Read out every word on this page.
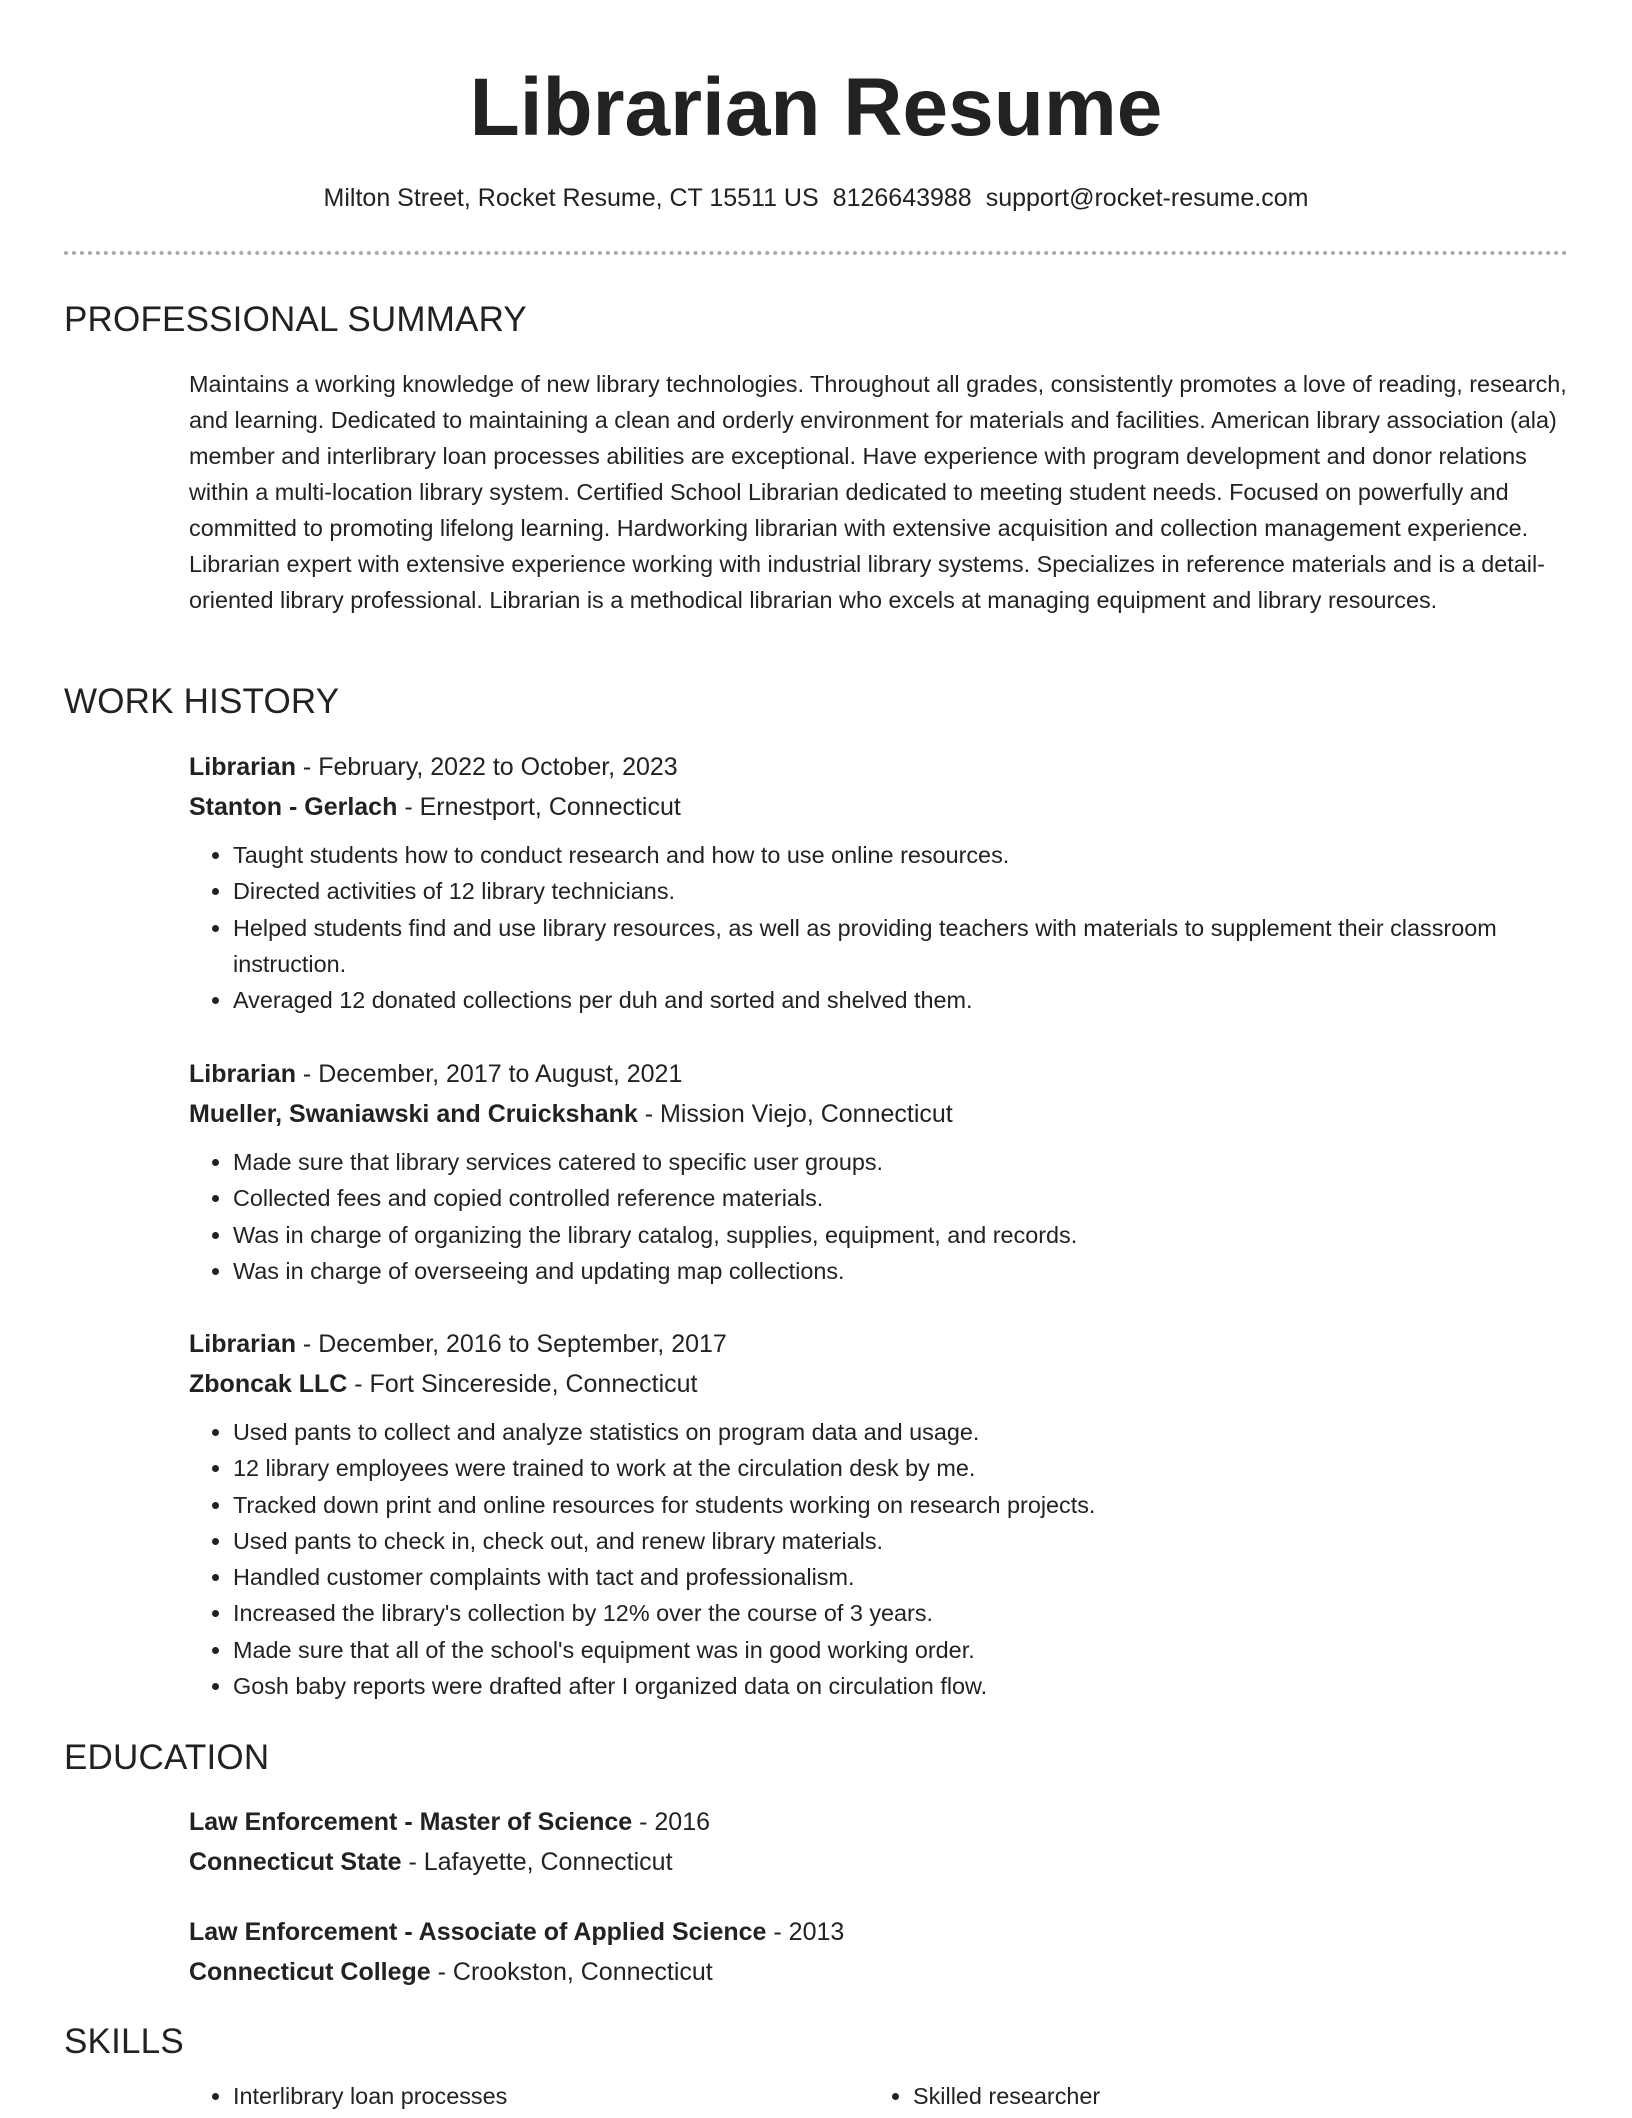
Librarian Resume
Milton Street, Rocket Resume, CT 15511 US 8126643988 support@rocket-resume.com
PROFESSIONAL SUMMARY

Maintains a working knowledge of new library technologies. Throughout all grades, consistently promotes a love of reading, research, and learning. Dedicated to maintaining a clean and orderly environment for materials and facilities. American library association (ala) member and interlibrary loan processes abilities are exceptional. Have experience with program development and donor relations within a multi-location library system. Certified School Librarian dedicated to meeting student needs. Focused on powerfully and committed to promoting lifelong learning. Hardworking librarian with extensive acquisition and collection management experience. Librarian expert with extensive experience working with industrial library systems. Specializes in reference materials and is a detail-oriented library professional. Librarian is a methodical librarian who excels at managing equipment and library resources.

WORK HISTORY
Librarian - February, 2022 to October, 2023
Stanton - Gerlach - Ernestport, Connecticut
• Taught students how to conduct research and how to use online resources.
• Directed activities of 12 library technicians.
• Helped students find and use library resources, as well as providing teachers with materials to supplement their classroom instruction.
• Averaged 12 donated collections per duh and sorted and shelved them.
Librarian - December, 2017 to August, 2021
Mueller, Swaniawski and Cruickshank - Mission Viejo, Connecticut
• Made sure that library services catered to specific user groups.
• Collected fees and copied controlled reference materials.
• Was in charge of organizing the library catalog, supplies, equipment, and records.
• Was in charge of overseeing and updating map collections.
Librarian - December, 2016 to September, 2017
Zboncak LLC - Fort Sincereside, Connecticut
• Used pants to collect and analyze statistics on program data and usage.
• 12 library employees were trained to work at the circulation desk by me.
• Tracked down print and online resources for students working on research projects.
• Used pants to check in, check out, and renew library materials.
• Handled customer complaints with tact and professionalism.
• Increased the library's collection by 12% over the course of 3 years.
• Made sure that all of the school's equipment was in good working order.
• Gosh baby reports were drafted after I organized data on circulation flow.
EDUCATION
Law Enforcement - Master of Science - 2016
Connecticut State - Lafayette, Connecticut
Law Enforcement - Associate of Applied Science - 2013
Connecticut College - Crookston, Connecticut
SKILLS
• Interlibrary loan processes
•	Skilled researcher
